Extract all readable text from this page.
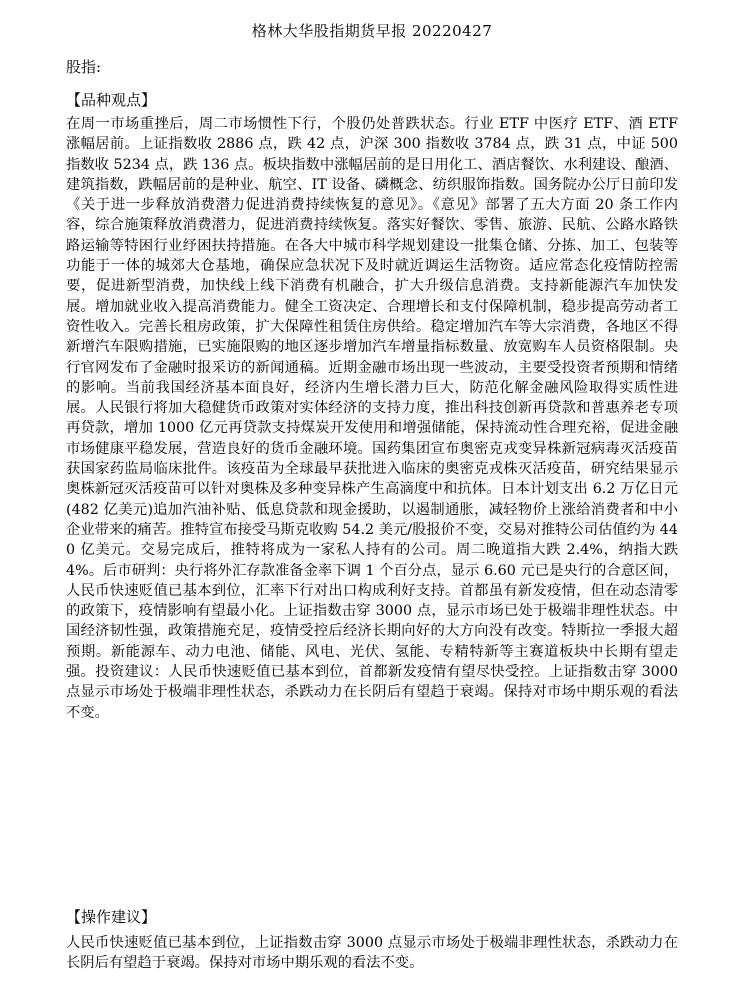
格林大华股指期货早报 20220427
股指:
【品种观点】

在周一市场重挫后，周二市场惯性下行，个股仍处普跌状态。行业 ETF 中医疗 ETF、酒 ETF 涨幅居前。上证指数收 2886 点，跌 42 点，沪深 300 指数收 3784 点，跌 31 点，中证 500 指数收 5234 点，跌 136 点。板块指数中涨幅居前的是日用化工、酒店餐饮、水利建设、酿酒、建筑指数，跌幅居前的是种业、航空、IT 设备、磷概念、纺织服饰指数。国务院办公厅日前印发《关于进一步释放消费潜力促进消费持续恢复的意见》。《意见》部署了五大方面 20 条工作内容，综合施策释放消费潜力，促进消费持续恢复。落实好餐饮、零售、旅游、民航、公路水路铁路运输等特困行业纾困扶持措施。在各大中城市科学规划建设一批集仓储、分拣、加工、包装等功能于一体的城郊大仓基地，确保应急状况下及时就近调运生活物资。适应常态化疫情防控需要，促进新型消费，加快线上线下消费有机融合，扩大升级信息消费。支持新能源汽车加快发展。增加就业收入提高消费能力。健全工资决定、合理增长和支付保障机制，稳步提高劳动者工资性收入。完善长租房政策，扩大保障性租赁住房供给。稳定增加汽车等大宗消费，各地区不得新增汽车限购措施，已实施限购的地区逐步增加汽车增量指标数量、放宽购车人员资格限制。央行官网发布了金融时报采访的新闻通稿。近期金融市场出现一些波动，主要受投资者预期和情绪的影响。当前我国经济基本面良好，经济内生增长潜力巨大，防范化解金融风险取得实质性进展。人民银行将加大稳健货币政策对实体经济的支持力度，推出科技创新再贷款和普惠养老专项再贷款，增加 1000 亿元再贷款支持煤炭开发使用和增强储能，保持流动性合理充裕，促进金融市场健康平稳发展，营造良好的货币金融环境。国药集团宣布奥密克戎变异株新冠病毒灭活疫苗获国家药监局临床批件。该疫苗为全球最早获批进入临床的奥密克戎株灭活疫苗，研究结果显示奥株新冠灭活疫苗可以针对奥株及多种变异株产生高滴度中和抗体。日本计划支出 6.2 万亿日元(482 亿美元)追加汽油补贴、低息贷款和现金援助，以遏制通胀，减轻物价上涨给消费者和中小企业带来的痛苦。推特宣布接受马斯克收购 54.2 美元/股报价不变，交易对推特公司估值约为 440 亿美元。交易完成后，推特将成为一家私人持有的公司。周二晚道指大跌 2.4%，纳指大跌 4%。后市研判：央行将外汇存款准备金率下调 1 个百分点，显示 6.60 元已是央行的合意区间，人民币快速贬值已基本到位，汇率下行对出口构成利好支持。首都虽有新发疫情，但在动态清零的政策下，疫情影响有望最小化。上证指数击穿 3000 点，显示市场已处于极端非理性状态。中国经济韧性强，政策措施充足，疫情受控后经济长期向好的大方向没有改变。特斯拉一季报大超预期。新能源车、动力电池、储能、风电、光伏、氢能、专精特新等主赛道板块中长期有望走强。投资建议：人民币快速贬值已基本到位，首都新发疫情有望尽快受控。上证指数击穿 3000 点显示市场处于极端非理性状态，杀跌动力在长阴后有望趋于衰竭。保持对市场中期乐观的看法不变。

【操作建议】

人民币快速贬值已基本到位，上证指数击穿 3000 点显示市场处于极端非理性状态，杀跌动力在长阴后有望趋于衰竭。保持对市场中期乐观的看法不变。
